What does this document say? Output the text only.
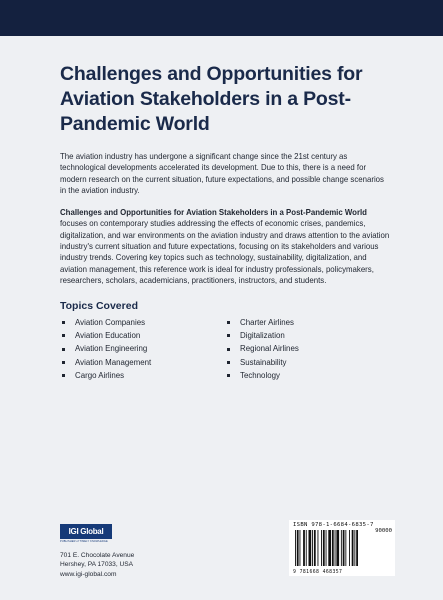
Challenges and Opportunities for Aviation Stakeholders in a Post-Pandemic World

The aviation industry has undergone a significant change since the 21st century as technological developments accelerated its development. Due to this, there is a need for modern research on the current situation, future expectations, and possible change scenarios in the aviation industry.

Challenges and Opportunities for Aviation Stakeholders in a Post-Pandemic World focuses on contemporary studies addressing the effects of economic crises, pandemics, digitalization, and war environments on the aviation industry and draws attention to the aviation industry's current situation and future expectations, focusing on its stakeholders and various industry trends. Covering key topics such as technology, sustainability, digitalization, and aviation management, this reference work is ideal for industry professionals, policymakers, researchers, scholars, academicians, practitioners, instructors, and students.

Topics Covered
Aviation Companies
Aviation Education
Aviation Engineering
Aviation Management
Cargo Airlines
Charter Airlines
Digitalization
Regional Airlines
Sustainability
Technology
IGI Global
PUBLISHER of TIMELY KNOWLEDGE
701 E. Chocolate Avenue
Hershey, PA 17033, USA
www.igi-global.com
ISBN 978-1-6684-6835-7
90000
9 781668 468357
